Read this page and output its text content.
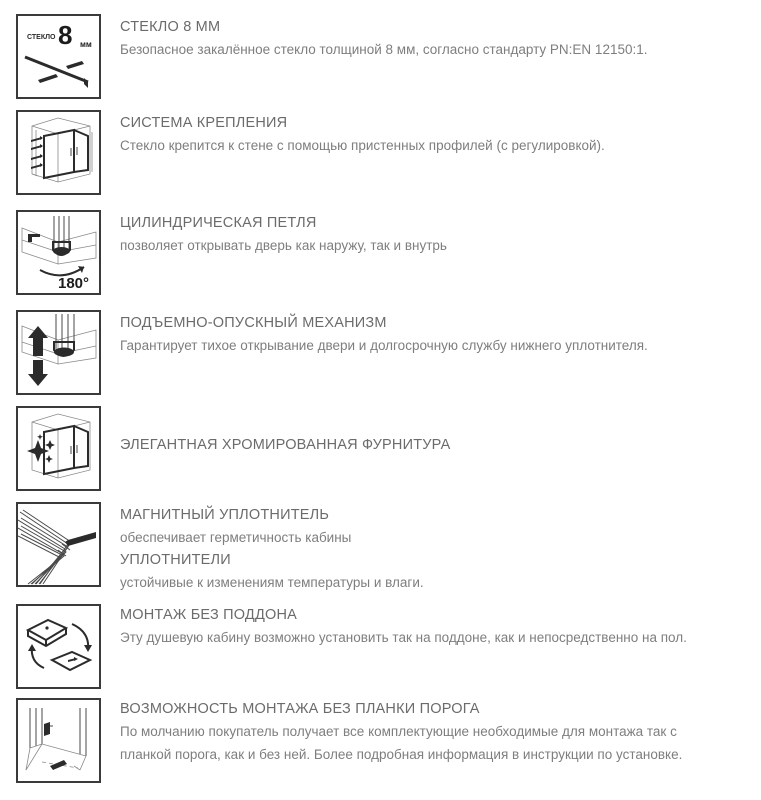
СТЕКЛО 8 мм
СТЕКЛО 8 ММ
Безопасное закалённое стекло толщиной 8 мм, согласно стандарту PN:EN 12150:1.
СИСТЕМА КРЕПЛЕНИЯ
Стекло крепится к стене с помощью пристенных профилей (с регулировкой).
180°
ЦИЛИНДРИЧЕСКАЯ ПЕТЛЯ
позволяет открывать дверь как наружу, так и внутрь
ПОДЪЕМНО-ОПУСКНЫЙ МЕХАНИЗМ
Гарантирует тихое открывание двери и долгосрочную службу нижнего уплотнителя.
ЭЛЕГАНТНАЯ ХРОМИРОВАННАЯ ФУРНИТУРА
МАГНИТНЫЙ УПЛОТНИТЕЛЬ
обеспечивает герметичность кабины
УПЛОТНИТЕЛИ
устойчивые к изменениям температуры и влаги.
МОНТАЖ БЕЗ ПОДДОНА
Эту душевую кабину возможно установить так на поддоне, как и непосредственно на пол.
ВОЗМОЖНОСТЬ МОНТАЖА БЕЗ ПЛАНКИ ПОРОГА
По молчанию покупатель получает все комплектующие необходимые для монтажа так с планкой порога, как и без ней. Более подробная информация в инструкции по установке.
